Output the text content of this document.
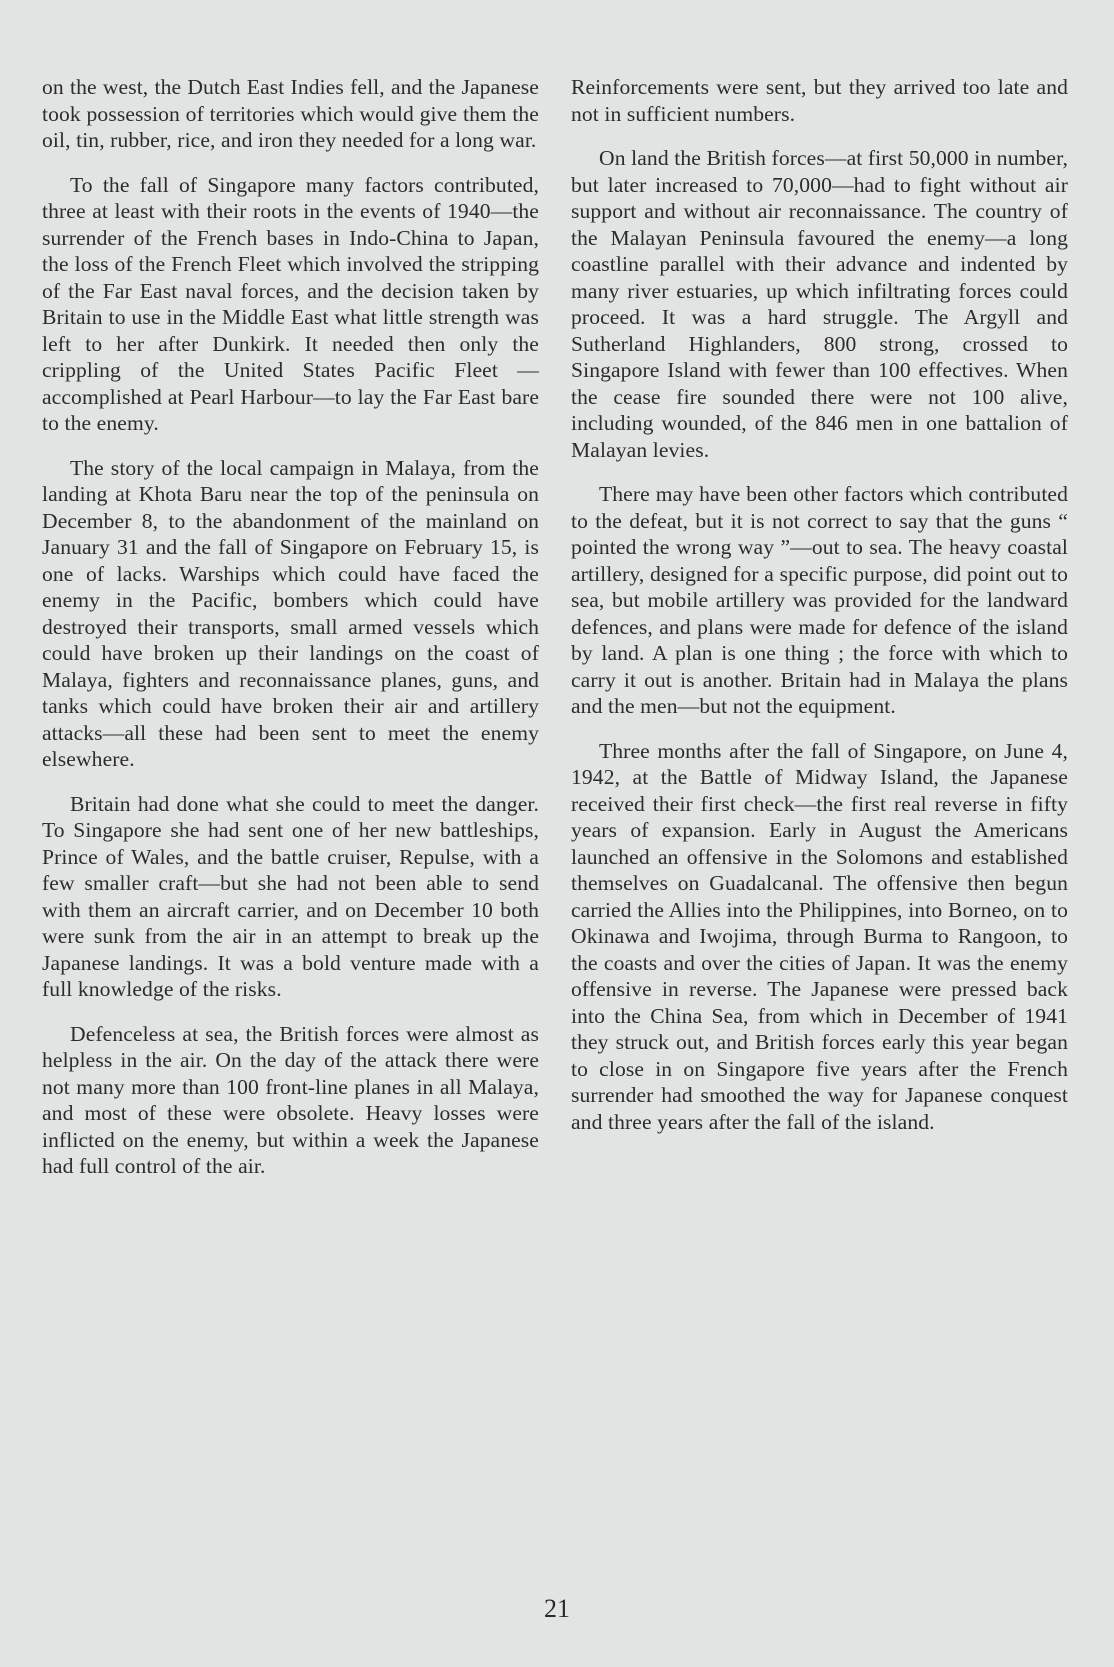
on the west, the Dutch East Indies fell, and the Japanese took possession of territories which would give them the oil, tin, rubber, rice, and iron they needed for a long war.

To the fall of Singapore many factors contributed, three at least with their roots in the events of 1940—the surrender of the French bases in Indo-China to Japan, the loss of the French Fleet which involved the stripping of the Far East naval forces, and the decision taken by Britain to use in the Middle East what little strength was left to her after Dunkirk. It needed then only the crippling of the United States Pacific Fleet —accomplished at Pearl Harbour—to lay the Far East bare to the enemy.

The story of the local campaign in Malaya, from the landing at Khota Baru near the top of the peninsula on December 8, to the abandonment of the mainland on January 31 and the fall of Singapore on February 15, is one of lacks. Warships which could have faced the enemy in the Pacific, bombers which could have destroyed their transports, small armed vessels which could have broken up their landings on the coast of Malaya, fighters and reconnaissance planes, guns, and tanks which could have broken their air and artillery attacks—all these had been sent to meet the enemy elsewhere.

Britain had done what she could to meet the danger. To Singapore she had sent one of her new battleships, Prince of Wales, and the battle cruiser, Repulse, with a few smaller craft—but she had not been able to send with them an aircraft carrier, and on December 10 both were sunk from the air in an attempt to break up the Japanese landings. It was a bold venture made with a full knowledge of the risks.

Defenceless at sea, the British forces were almost as helpless in the air. On the day of the attack there were not many more than 100 front-line planes in all Malaya, and most of these were obsolete. Heavy losses were inflicted on the enemy, but within a week the Japanese had full control of the air.

Reinforcements were sent, but they arrived too late and not in sufficient numbers.

On land the British forces—at first 50,000 in number, but later increased to 70,000—had to fight without air support and without air reconnaissance. The country of the Malayan Peninsula favoured the enemy—a long coastline parallel with their advance and indented by many river estuaries, up which infiltrating forces could proceed. It was a hard struggle. The Argyll and Sutherland Highlanders, 800 strong, crossed to Singapore Island with fewer than 100 effectives. When the cease fire sounded there were not 100 alive, including wounded, of the 846 men in one battalion of Malayan levies.

There may have been other factors which contributed to the defeat, but it is not correct to say that the guns “ pointed the wrong way ”—out to sea. The heavy coastal artillery, designed for a specific purpose, did point out to sea, but mobile artillery was provided for the landward defences, and plans were made for defence of the island by land. A plan is one thing ; the force with which to carry it out is another. Britain had in Malaya the plans and the men—but not the equipment.

Three months after the fall of Singapore, on June 4, 1942, at the Battle of Midway Island, the Japanese received their first check—the first real reverse in fifty years of expansion. Early in August the Americans launched an offensive in the Solomons and established themselves on Guadalcanal. The offensive then begun carried the Allies into the Philippines, into Borneo, on to Okinawa and Iwojima, through Burma to Rangoon, to the coasts and over the cities of Japan. It was the enemy offensive in reverse. The Japanese were pressed back into the China Sea, from which in December of 1941 they struck out, and British forces early this year began to close in on Singapore five years after the French surrender had smoothed the way for Japanese conquest and three years after the fall of the island.

21
